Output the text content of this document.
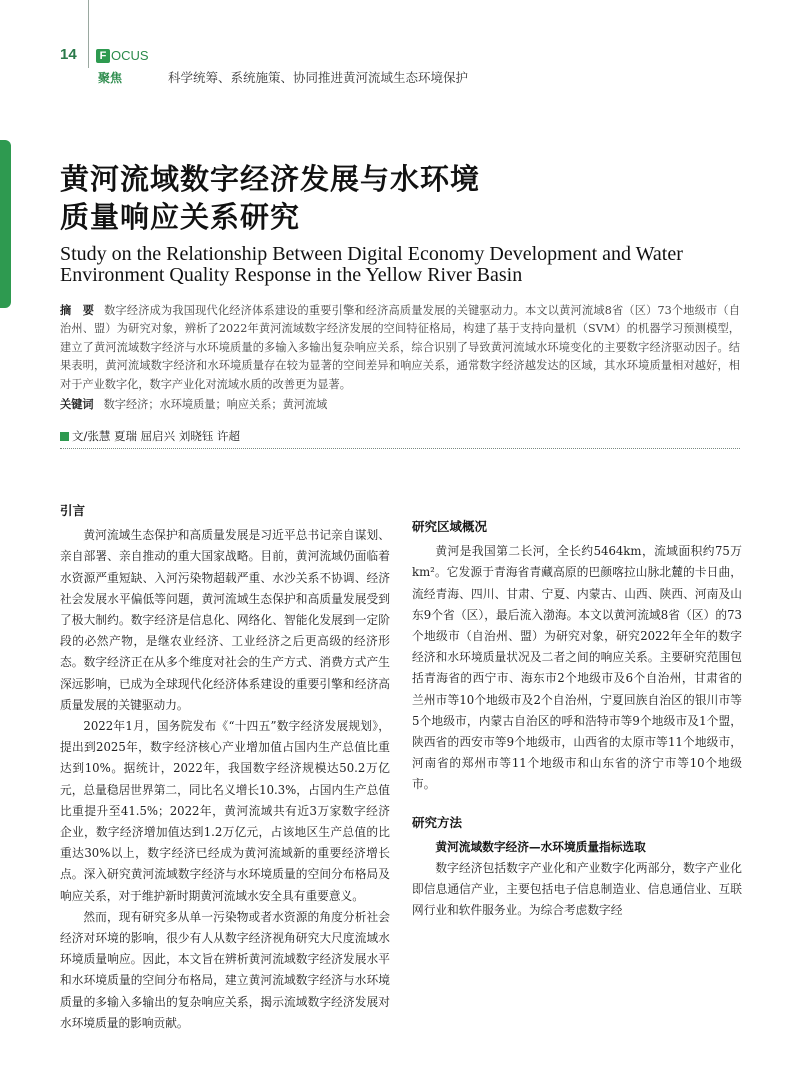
14	F OCUS
聚焦	科学统筹、系统施策、协同推进黄河流域生态环境保护
黄河流域数字经济发展与水环境
质量响应关系研究
Study on the Relationship Between Digital Economy Development and Water
Environment Quality Response in the Yellow River Basin
摘　要 数字经济成为我国现代化经济体系建设的重要引擎和经济高质量发展的关键驱动力。本文以黄河流域8省（区）73个地级市（自治州、盟）为研究对象，辨析了2022年黄河流域数字经济发展的空间特征格局，构建了基于支持向量机（SVM）的机器学习预测模型，建立了黄河流域数字经济与水环境质量的多输入多输出复杂响应关系，综合识别了导致黄河流域水环境变化的主要数字经济驱动因子。结果表明，黄河流域数字经济和水环境质量存在较为显著的空间差异和响应关系，通常数字经济越发达的区域，其水环境质量相对越好，相对于产业数字化，数字产业化对流域水质的改善更为显著。
关键词 数字经济；水环境质量；响应关系；黄河流域
文/张慧 夏瑞 屈启兴 刘晓钰 许超
引言

黄河流域生态保护和高质量发展是习近平总书记亲自谋划、亲自部署、亲自推动的重大国家战略。目前，黄河流域仍面临着水资源严重短缺、入河污染物超载严重、水沙关系不协调、经济社会发展水平偏低等问题，黄河流域生态保护和高质量发展受到了极大制约。数字经济是信息化、网络化、智能化发展到一定阶段的必然产物，是继农业经济、工业经济之后更高级的经济形态。数字经济正在从多个维度对社会的生产方式、消费方式产生深远影响，已成为全球现代化经济体系建设的重要引擎和经济高质量发展的关键驱动力。

2022年1月，国务院发布《“十四五”数字经济发展规划》，提出到2025年，数字经济核心产业增加值占国内生产总值比重达到10%。据统计，2022年，我国数字经济规模达50.2万亿元，总量稳居世界第二，同比名义增长10.3%，占国内生产总值比重提升至41.5%；2022年，黄河流域共有近3万家数字经济企业，数字经济增加值达到1.2万亿元，占该地区生产总值的比重达30%以上，数字经济已经成为黄河流域新的重要经济增长点。深入研究黄河流域数字经济与水环境质量的空间分布格局及响应关系，对于维护新时期黄河流域水安全具有重要意义。

然而，现有研究多从单一污染物或者水资源的角度分析社会经济对环境的影响，很少有人从数字经济视角研究大尺度流域水环境质量响应。因此，本文旨在辨析黄河流域数字经济发展水平和水环境质量的空间分布格局，建立黄河流域数字经济与水环境质量的多输入多输出的复杂响应关系，揭示流域数字经济发展对水环境质量的影响贡献。

研究区域概况

黄河是我国第二长河，全长约5464km，流域面积约75万km²。它发源于青海省青藏高原的巴颜喀拉山脉北麓的卡日曲，流经青海、四川、甘肃、宁夏、内蒙古、山西、陕西、河南及山东9个省（区），最后流入渤海。本文以黄河流域8省（区）的73个地级市（自治州、盟）为研究对象，研究2022年全年的数字经济和水环境质量状况及二者之间的响应关系。主要研究范围包括青海省的西宁市、海东市2个地级市及6个自治州，甘肃省的兰州市等10个地级市及2个自治州，宁夏回族自治区的银川市等5个地级市，内蒙古自治区的呼和浩特市等9个地级市及1个盟，陕西省的西安市等9个地级市，山西省的太原市等11个地级市，河南省的郑州市等11个地级市和山东省的济宁市等10个地级市。

研究方法
黄河流域数字经济—水环境质量指标选取

数字经济包括数字产业化和产业数字化两部分，数字产业化即信息通信产业，主要包括电子信息制造业、信息通信业、互联网行业和软件服务业。为综合考虑数字经
